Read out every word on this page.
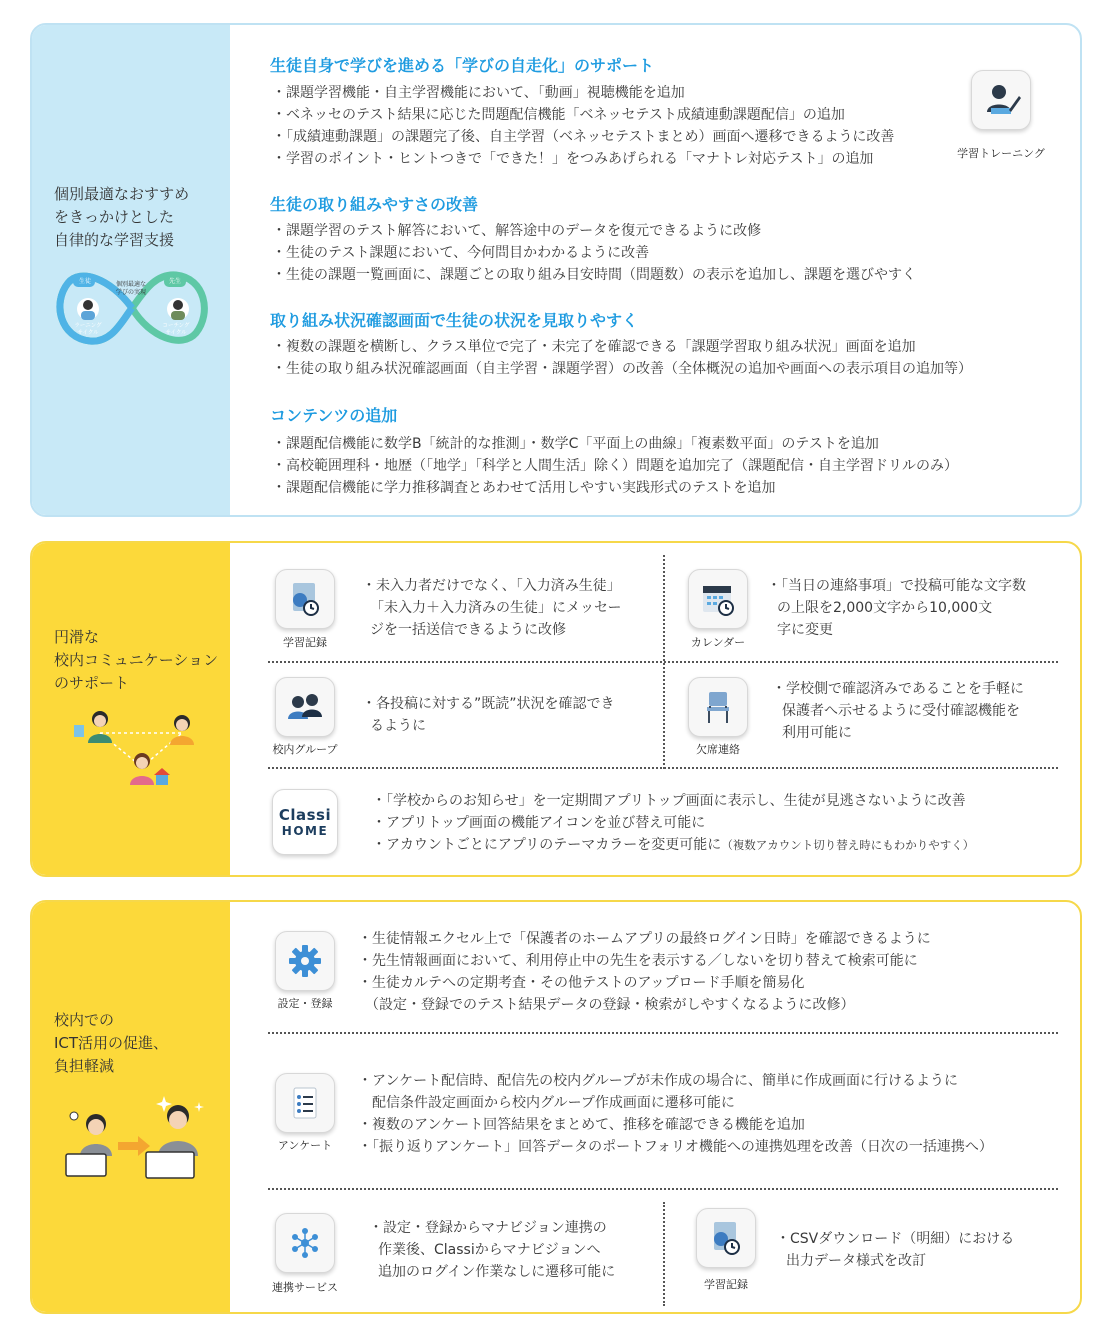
個別最適なおすすめ
をきっかけとした
自律的な学習支援
生徒	先生
個別最適な
学びの実現
ラーニング
サイクル
コーチング
サイクル
生徒自身で学びを進める「学びの自走化」のサポート
・課題学習機能・自主学習機能において、「動画」視聴機能を追加
・ベネッセのテスト結果に応じた問題配信機能「ベネッセテスト成績連動課題配信」の追加
・「成績連動課題」の課題完了後、自主学習（ベネッセテストまとめ）画面へ遷移できるように改善
・学習のポイント・ヒントつきで「できた！」をつみあげられる「マナトレ対応テスト」の追加
生徒の取り組みやすさの改善
・課題学習のテスト解答において、解答途中のデータを復元できるように改修
・生徒のテスト課題において、今何問目かわかるように改善
・生徒の課題一覧画面に、課題ごとの取り組み目安時間（問題数）の表示を追加し、課題を選びやすく
取り組み状況確認画面で生徒の状況を見取りやすく
・複数の課題を横断し、クラス単位で完了・未完了を確認できる「課題学習取り組み状況」画面を追加
・生徒の取り組み状況確認画面（自主学習・課題学習）の改善（全体概況の追加や画面への表示項目の追加等）
コンテンツの追加
・課題配信機能に数学B「統計的な推測」・数学C「平面上の曲線」「複素数平面」のテストを追加
・高校範囲理科・地歴（「地学」「科学と人間生活」除く）問題を追加完了（課題配信・自主学習ドリルのみ）
・課題配信機能に学力推移調査とあわせて活用しやすい実践形式のテストを追加
学習トレーニング
円滑な
校内コミュニケーション
のサポート
学習記録
・未入力者だけでなく、「入力済み生徒」
「未入力＋入力済みの生徒」にメッセー
ジを一括送信できるように改修
カレンダー
・「当日の連絡事項」で投稿可能な文字数
の上限を2,000文字から10,000文
字に変更
校内グループ
・各投稿に対する”既読”状況を確認でき
るように
欠席連絡
・学校側で確認済みであることを手軽に
保護者へ示せるように受付確認機能を
利用可能に
Classi
HOME
・「学校からのお知らせ」を一定期間アプリトップ画面に表示し、生徒が見逃さないように改善
・アプリトップ画面の機能アイコンを並び替え可能に
・アカウントごとにアプリのテーマカラーを変更可能に（複数アカウント切り替え時にもわかりやすく）
校内での
ICT活用の促進、
負担軽減
設定・登録
・生徒情報エクセル上で「保護者のホームアプリの最終ログイン日時」を確認できるように
・先生情報画面において、利用停止中の先生を表示する／しないを切り替えて検索可能に
・生徒カルテへの定期考査・その他テストのアップロード手順を簡易化
　（設定・登録でのテスト結果データの登録・検索がしやすくなるように改修）
アンケート
・アンケート配信時、配信先の校内グループが未作成の場合に、簡単に作成画面に行けるように
　配信条件設定画面から校内グループ作成画面に遷移可能に
・複数のアンケート回答結果をまとめて、推移を確認できる機能を追加
・「振り返りアンケート」回答データのポートフォリオ機能への連携処理を改善（日次の一括連携へ）
連携サービス
・設定・登録からマナビジョン連携の
作業後、Classiからマナビジョンへ
追加のログイン作業なしに遷移可能に
学習記録
・CSVダウンロード（明細）における
出力データ様式を改訂
